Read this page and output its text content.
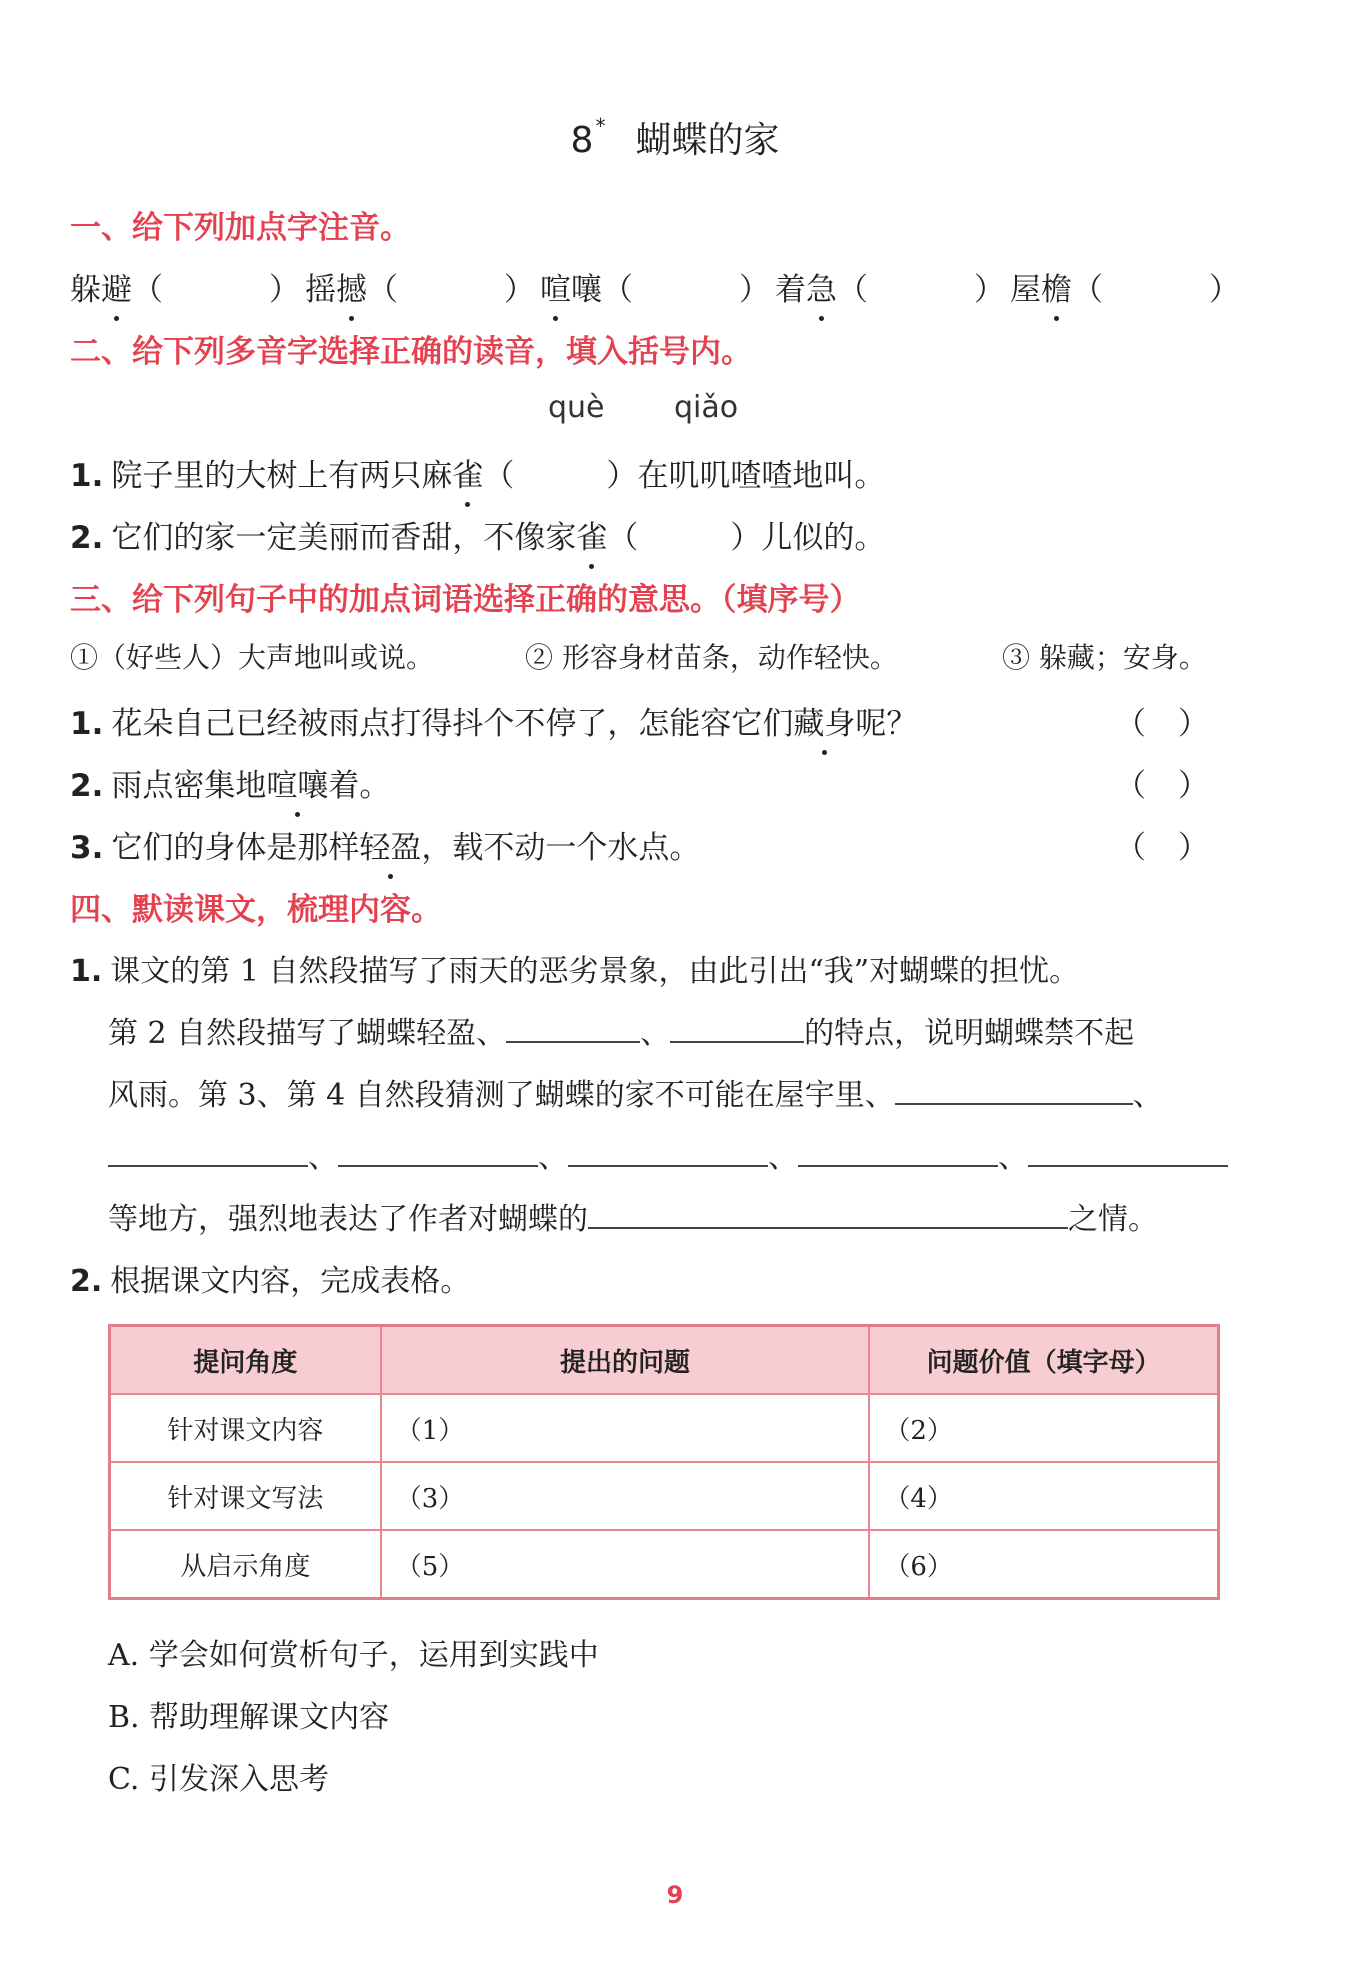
8 * 蝴蝶的家
一、给下列加点字注音。
躲避（	） 摇撼（	） 喧嚷（	） 着急（	） 屋檐（	）
二、给下列多音字选择正确的读音，填入括号内。
què qiǎo
1. 院子里的大树上有两只麻雀（	）在叽叽喳喳地叫。
2. 它们的家一定美丽而香甜，不像家雀（	）儿似的。
三、给下列句子中的加点词语选择正确的意思。（填序号）
①（好些人）大声地叫或说。	② 形容身材苗条，动作轻快。	③ 躲藏；安身。
1. 花朵自己已经被雨点打得抖个不停了，怎能容它们藏身呢？	（ ）
2. 雨点密集地喧嚷着。	（ ）
3. 它们的身体是那样轻盈，载不动一个水点。	（ ）
四、默读课文，梳理内容。
1. 课文的第 1 自然段描写了雨天的恶劣景象，由此引出“我”对蝴蝶的担忧。
第 2 自然段描写了蝴蝶轻盈、	、	的特点，说明蝴蝶禁不起
风雨。第 3、第 4 自然段猜测了蝴蝶的家不可能在屋宇里、	、
、	、	、	、
等地方，强烈地表达了作者对蝴蝶的	之情。
2. 根据课文内容，完成表格。
提问角度	提出的问题	问题价值（填字母）
针对课文内容	（1）	（2）
针对课文写法	（3）	（4）
从启示角度	（5）	（6）
A. 学会如何赏析句子，运用到实践中
B. 帮助理解课文内容
C. 引发深入思考
9
